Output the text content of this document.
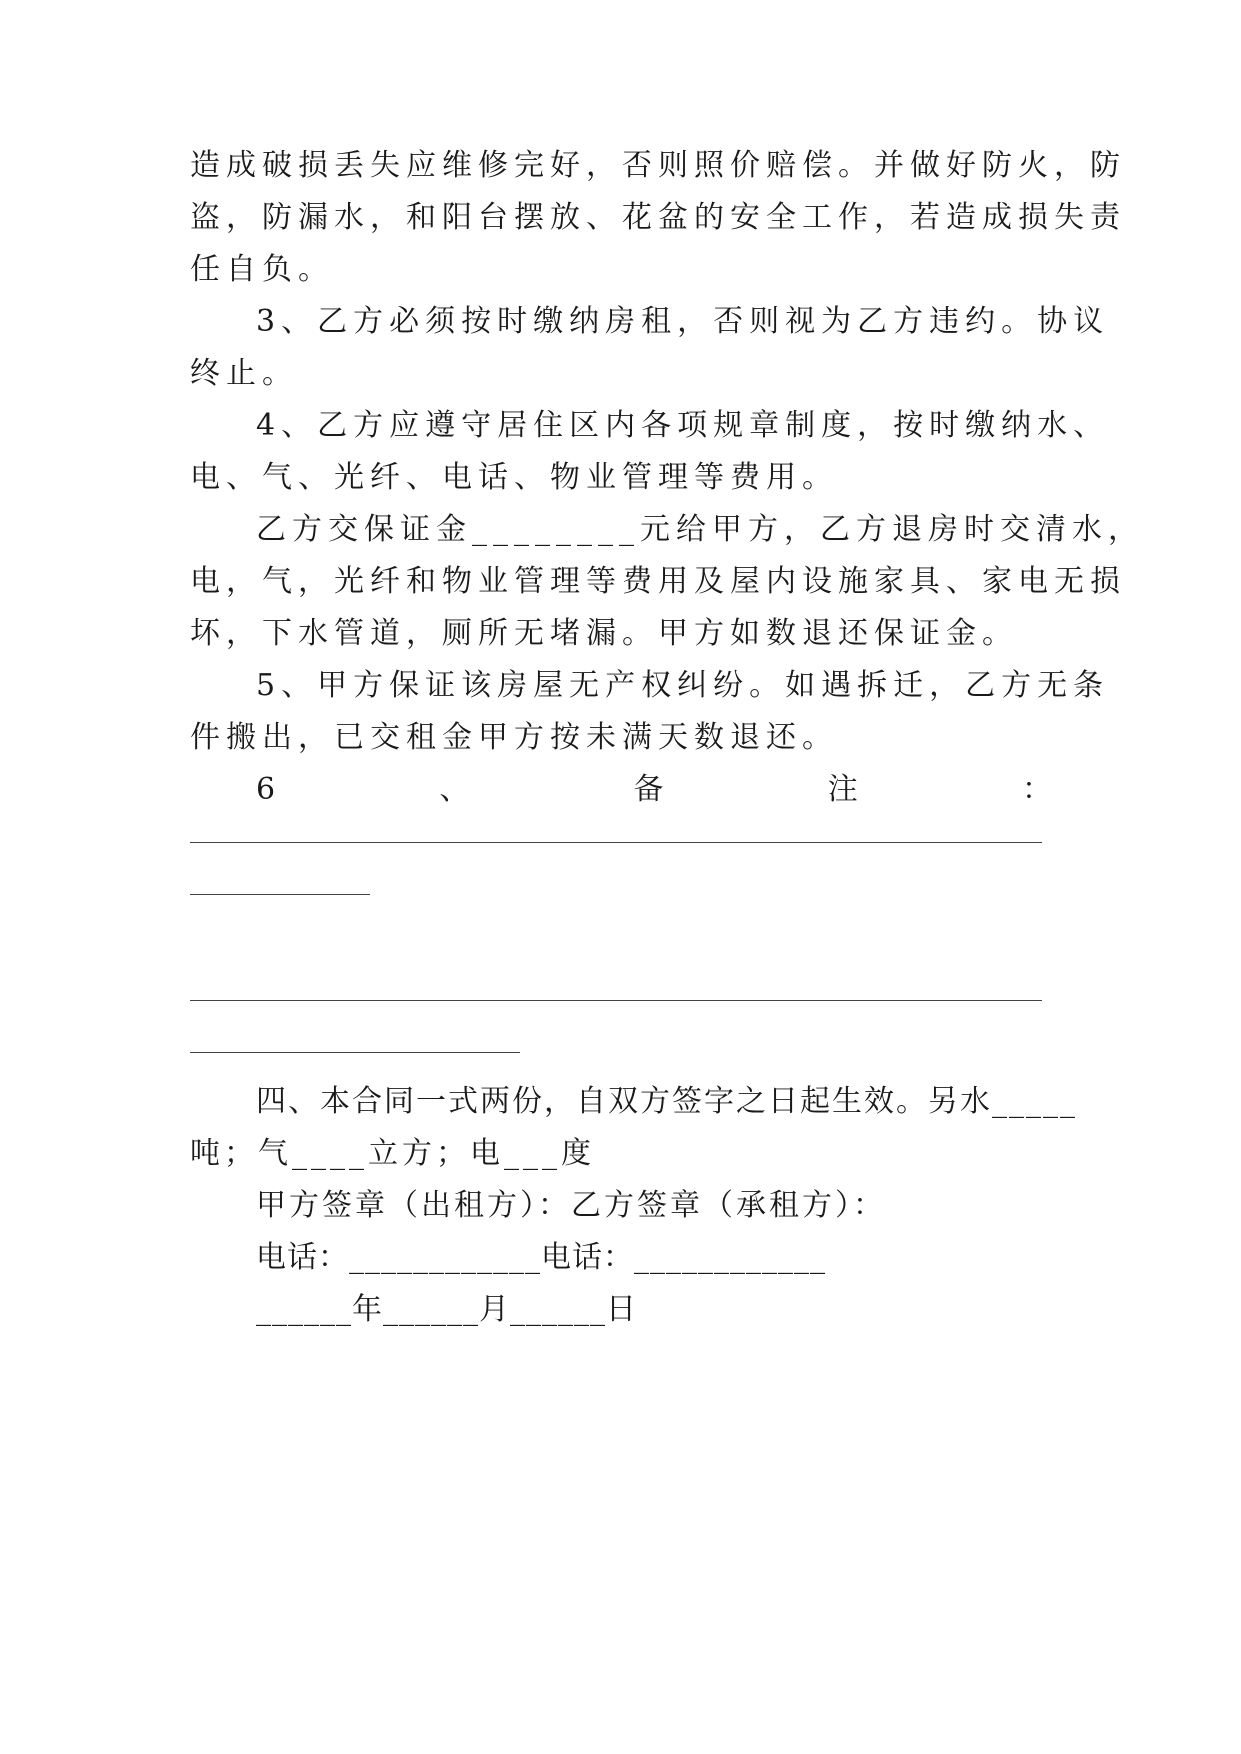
造成破损丢失应维修完好，否则照价赔偿。并做好防火，防
盗，防漏水，和阳台摆放、花盆的安全工作，若造成损失责
任自负。
3、乙方必须按时缴纳房租，否则视为乙方违约。协议
终止。
4、乙方应遵守居住区内各项规章制度，按时缴纳水、
电、气、光纤、电话、物业管理等费用。
乙方交保证金________元给甲方，乙方退房时交清水，
电，气，光纤和物业管理等费用及屋内设施家具、家电无损
坏，下水管道，厕所无堵漏。甲方如数退还保证金。
5、甲方保证该房屋无产权纠纷。如遇拆迁，乙方无条
件搬出，已交租金甲方按未满天数退还。
6	、	备	注	：
四、本合同一式两份，自双方签字之日起生效。另水_____
吨；气____立方；电___度
甲方签章（出租方）：乙方签章（承租方）：
电话：____________电话：____________
______年______月______日
